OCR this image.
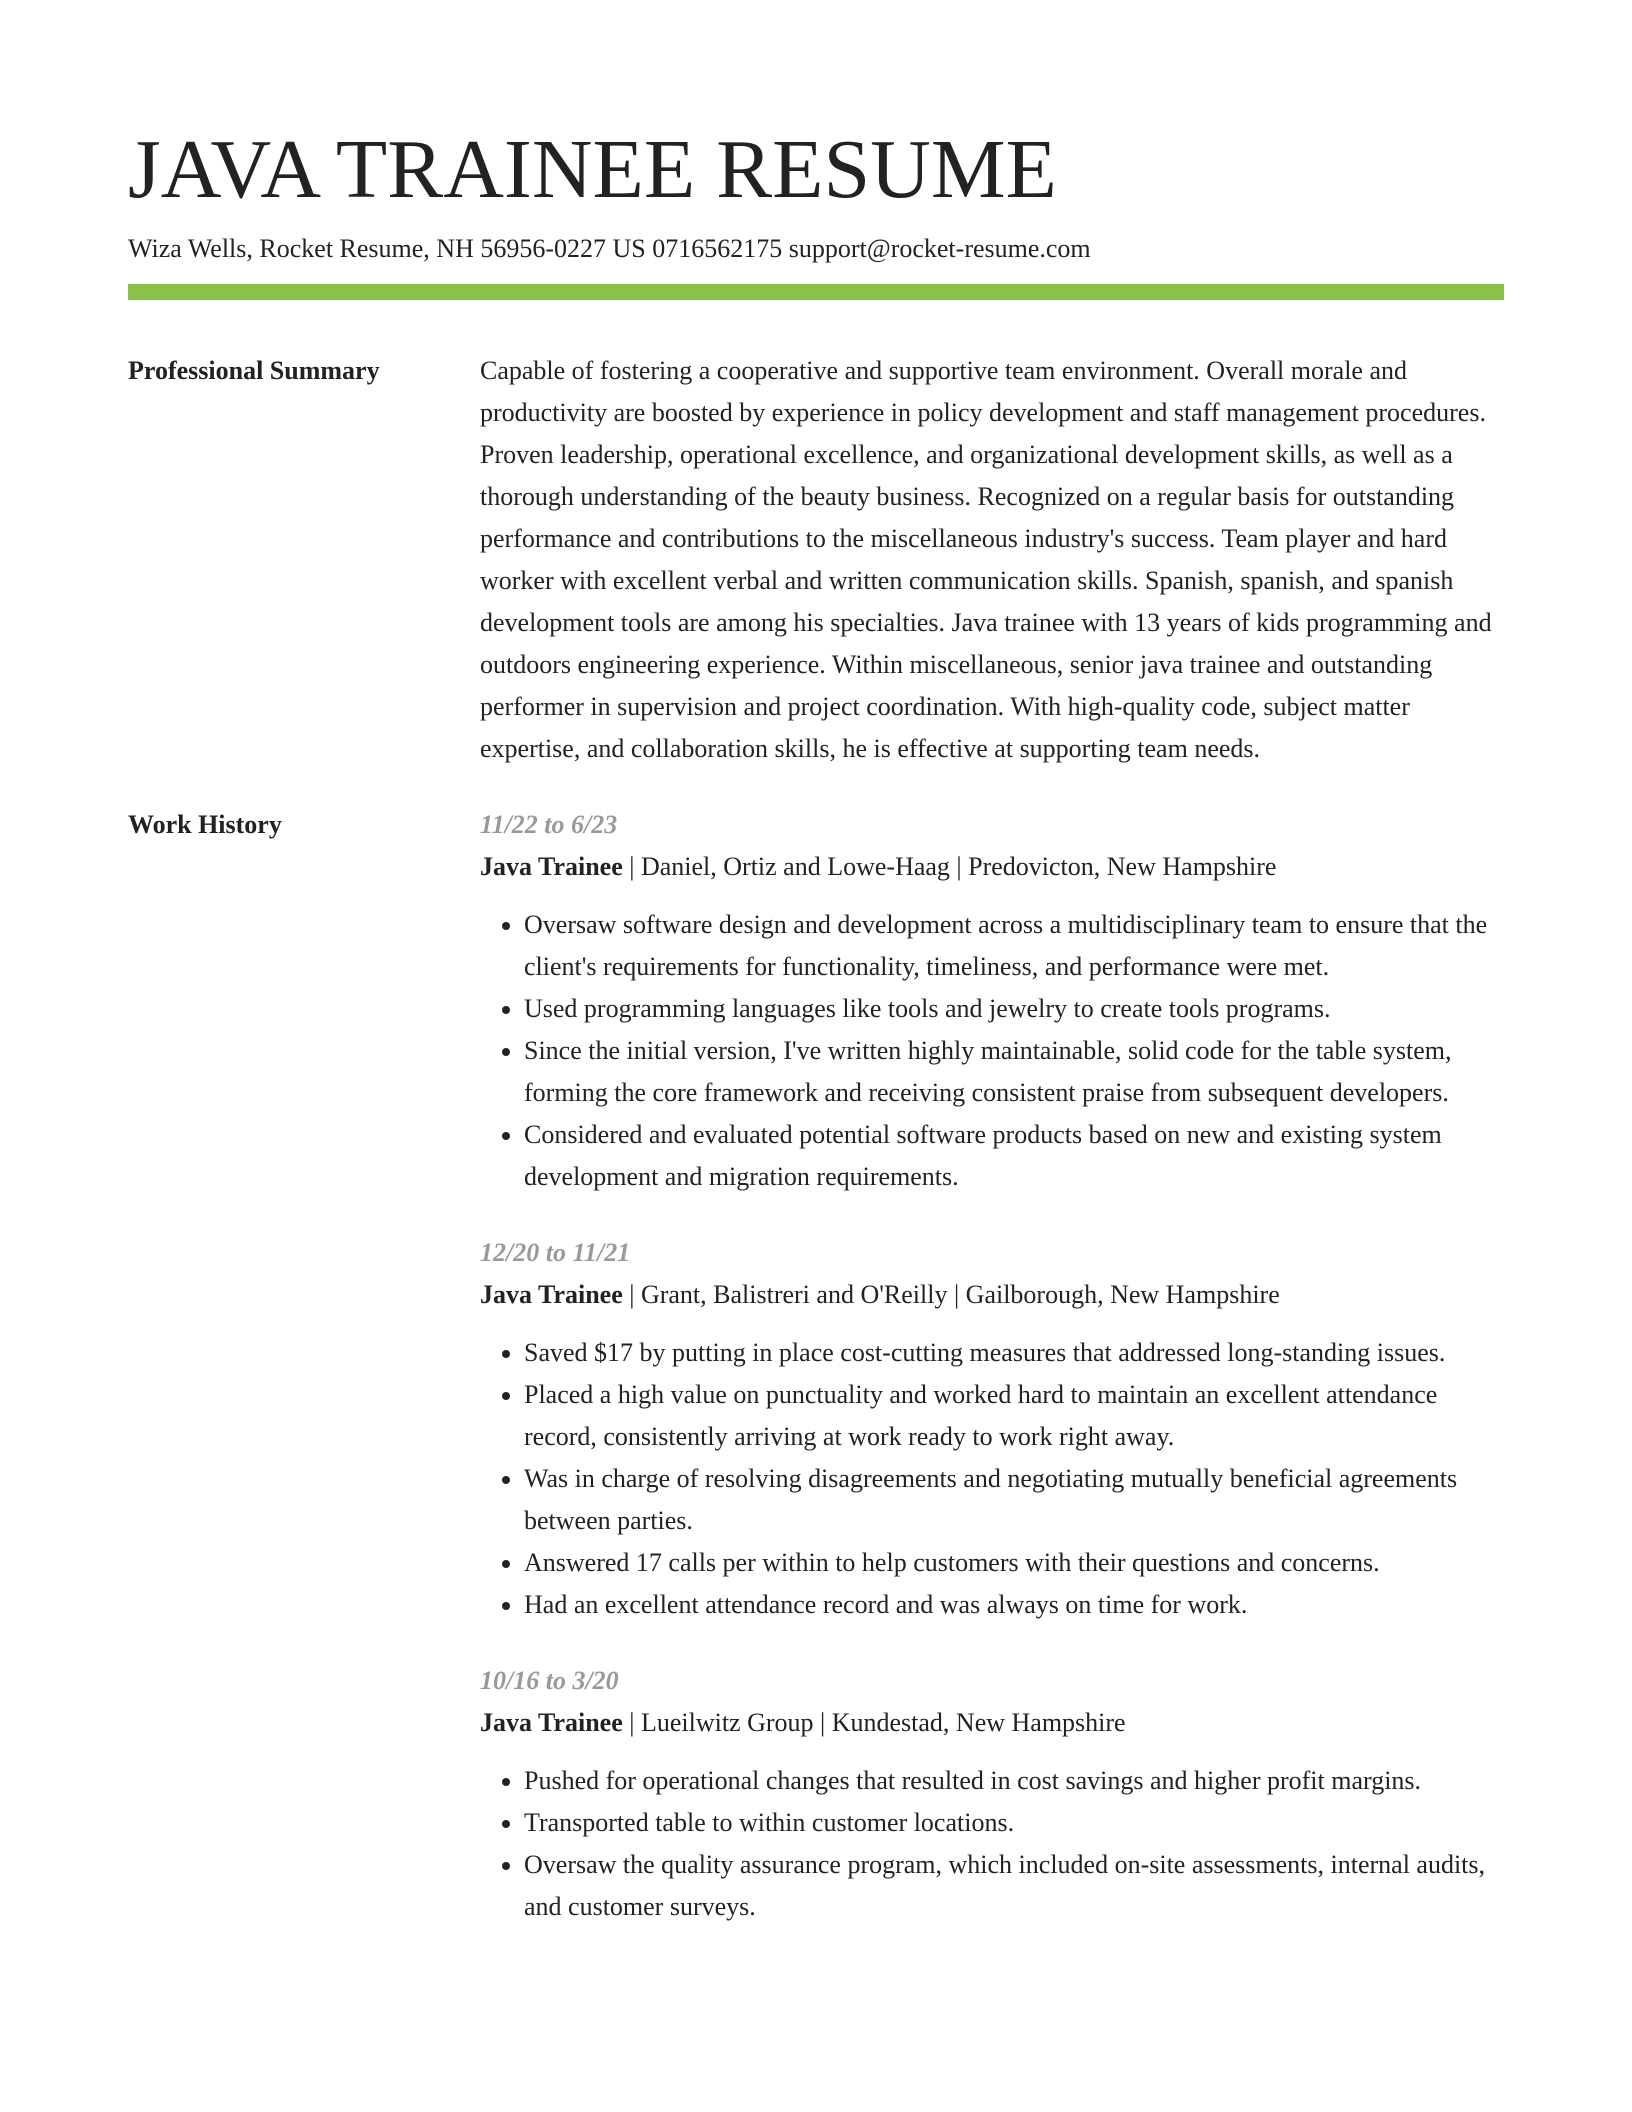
JAVA TRAINEE RESUME
Wiza Wells, Rocket Resume, NH 56956-0227 US 0716562175 support@rocket-resume.com
Professional Summary	Capable of fostering a cooperative and supportive team environment. Overall morale and productivity are boosted by experience in policy development and staff management procedures. Proven leadership, operational excellence, and organizational development skills, as well as a thorough understanding of the beauty business. Recognized on a regular basis for outstanding performance and contributions to the miscellaneous industry's success. Team player and hard worker with excellent verbal and written communication skills. Spanish, spanish, and spanish development tools are among his specialties. Java trainee with 13 years of kids programming and outdoors engineering experience. Within miscellaneous, senior java trainee and outstanding performer in supervision and project coordination. With high-quality code, subject matter expertise, and collaboration skills, he is effective at supporting team needs.

Work History	11/22 to 6/23
Java Trainee | Daniel, Ortiz and Lowe-Haag | Predovicton, New Hampshire
• Oversaw software design and development across a multidisciplinary team to ensure that the client's requirements for functionality, timeliness, and performance were met.
• Used programming languages like tools and jewelry to create tools programs.
• Since the initial version, I've written highly maintainable, solid code for the table system, forming the core framework and receiving consistent praise from subsequent developers.
• Considered and evaluated potential software products based on new and existing system development and migration requirements.
12/20 to 11/21
Java Trainee | Grant, Balistreri and O'Reilly | Gailborough, New Hampshire
• Saved $17 by putting in place cost-cutting measures that addressed long-standing issues.
• Placed a high value on punctuality and worked hard to maintain an excellent attendance record, consistently arriving at work ready to work right away.
• Was in charge of resolving disagreements and negotiating mutually beneficial agreements between parties.
• Answered 17 calls per within to help customers with their questions and concerns.
• Had an excellent attendance record and was always on time for work.
10/16 to 3/20
Java Trainee | Lueilwitz Group | Kundestad, New Hampshire
• Pushed for operational changes that resulted in cost savings and higher profit margins.
• Transported table to within customer locations.
• Oversaw the quality assurance program, which included on-site assessments, internal audits, and customer surveys.
